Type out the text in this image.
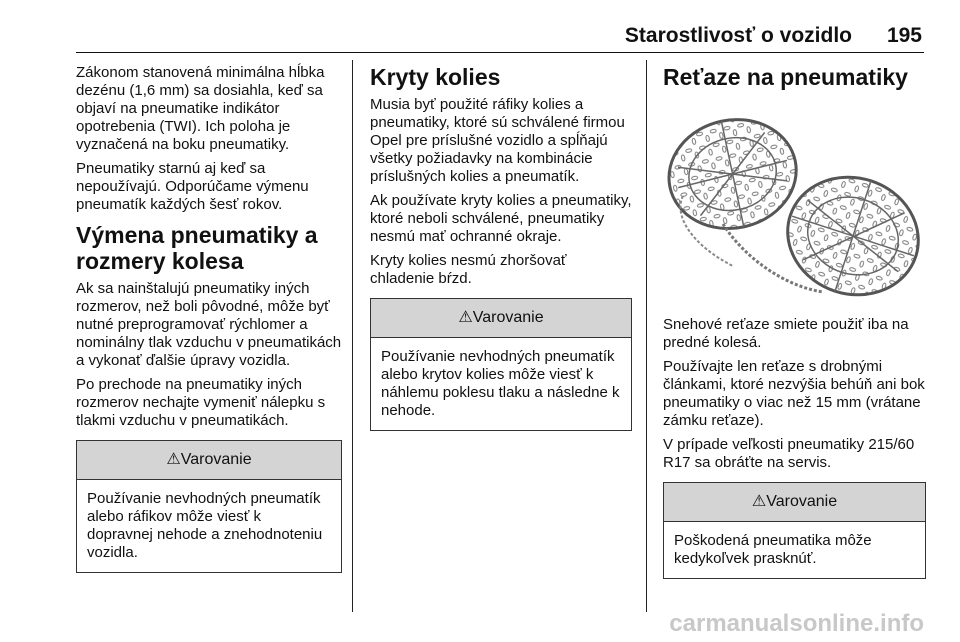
Starostlivosť o vozidlo 195

Zákonom stanovená minimálna hĺbka dezénu (1,6 mm) sa dosiahla, keď sa objaví na pneumatike indikátor opotrebenia (TWI). Ich poloha je vyznačená na boku pneumatiky.

Pneumatiky starnú aj keď sa nepoužívajú. Odporúčame výmenu pneumatík každých šesť rokov.

Výmena pneumatiky a rozmery kolesa

Ak sa nainštalujú pneumatiky iných rozmerov, než boli pôvodné, môže byť nutné preprogramovať rýchlomer a nominálny tlak vzduchu v pneumatikách a vykonať ďalšie úpravy vozidla.

Po prechode na pneumatiky iných rozmerov nechajte vymeniť nálepku s tlakmi vzduchu v pneumatikách.

⚠Varovanie

Používanie nevhodných pneumatík alebo ráfikov môže viesť k dopravnej nehode a znehodnoteniu vozidla.

Kryty kolies

Musia byť použité ráfiky kolies a pneumatiky, ktoré sú schválené firmou Opel pre príslušné vozidlo a spĺňajú všetky požiadavky na kombinácie príslušných kolies a pneumatík.

Ak používate kryty kolies a pneumatiky, ktoré neboli schválené, pneumatiky nesmú mať ochranné okraje.

Kryty kolies nesmú zhoršovať chladenie bŕzd.

⚠Varovanie

Používanie nevhodných pneumatík alebo krytov kolies môže viesť k náhlemu poklesu tlaku a následne k nehode.

Reťaze na pneumatiky

Snehové reťaze smiete použiť iba na predné kolesá.

Používajte len reťaze s drobnými článkami, ktoré nezvýšia behúň ani bok pneumatiky o viac než 15 mm (vrátane zámku reťaze).

V prípade veľkosti pneumatiky 215/60 R17 sa obráťte na servis.

⚠Varovanie

Poškodená pneumatika môže kedykoľvek prasknúť.

carmanualsonline.info
